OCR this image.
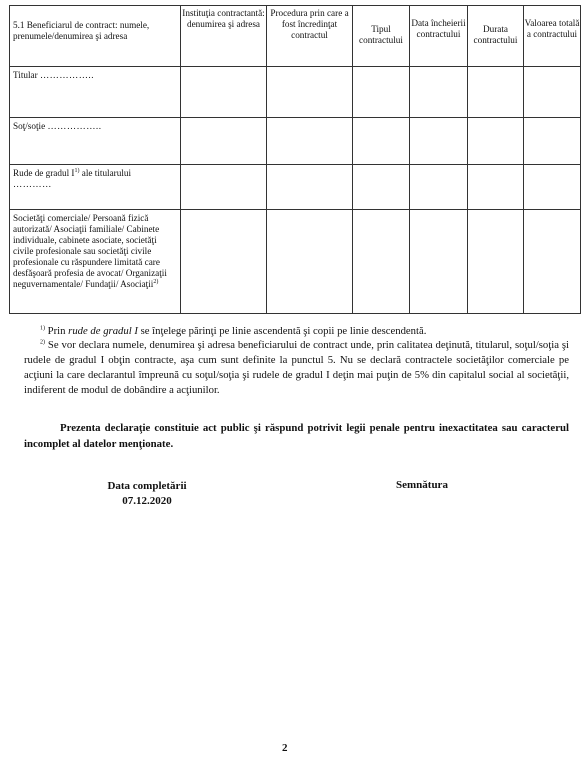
5.1 Beneficiarul de contract: numele, prenumele/denumirea şi adresa	Instituţia contractantă: denumirea şi adresa	Procedura prin care a fost încredinţat contractul	Tipul contractului	Data încheierii contractului	Durata contractului	Valoarea totală a contractului
Titular ……………..						
Soţ/soţie ……………..						
Rude de gradul $I^{1)}$ ale titularului
…………						
Societăţi comerciale/ Persoană fizică autorizată/ Asociaţii familiale/ Cabinete individuale, cabinete asociate, societăţi civile profesionale sau societăţi civile profesionale cu răspundere limitată care desfăşoară profesia de avocat/ Organizaţii neguvernamentale/ Fundaţii/ Asociaţii$^{2)}$						
$^{1)}$ Prin rude de gradul I se înţelege părinţi pe linie ascendentă şi copii pe linie descendentă.
$^{2)}$ Se vor declara numele, denumirea şi adresa beneficiarului de contract unde, prin calitatea deţinută, titularul, soţul/soţia şi rudele de gradul I obţin contracte, aşa cum sunt definite la punctul 5. Nu se declară contractele societăţilor comerciale pe acţiuni la care declarantul împreună cu soţul/soţia şi rudele de gradul I deţin mai puţin de 5% din capitalul social al societăţii, indiferent de modul de dobândire a acţiunilor.
Prezenta declaraţie constituie act public şi răspund potrivit legii penale pentru inexactitatea sau caracterul incomplet al datelor menţionate.
Data completării
07.12.2020
Semnătura
2
